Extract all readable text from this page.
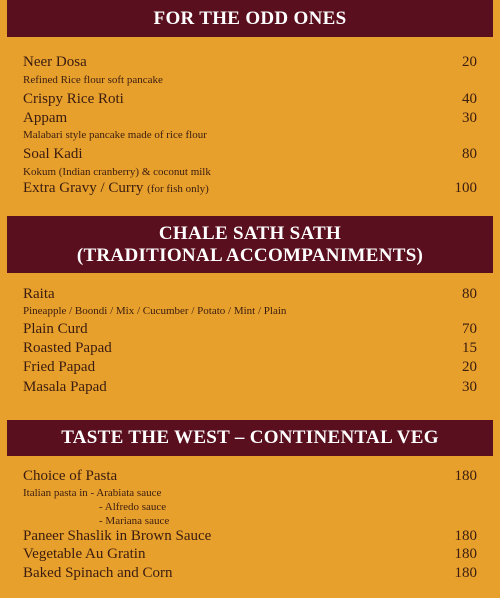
FOR THE ODD ONES
Neer Dosa	20
Refined Rice flour soft pancake
Crispy Rice Roti	40
Appam	30
Malabari style pancake made of rice flour
Soal Kadi	80
Kokum (Indian cranberry) & coconut milk
Extra Gravy / Curry (for fish only)	100
CHALE SATH SATH
(TRADITIONAL ACCOMPANIMENTS)
Raita	80
Pineapple / Boondi / Mix / Cucumber / Potato / Mint / Plain
Plain Curd	70
Roasted Papad	15
Fried Papad	20
Masala Papad	30
TASTE THE WEST – CONTINENTAL VEG
Choice of Pasta	180
Italian pasta in - Arabiata sauce
- Alfredo sauce
- Mariana sauce
Paneer Shaslik in Brown Sauce	180
Vegetable Au Gratin	180
Baked Spinach and Corn	180
